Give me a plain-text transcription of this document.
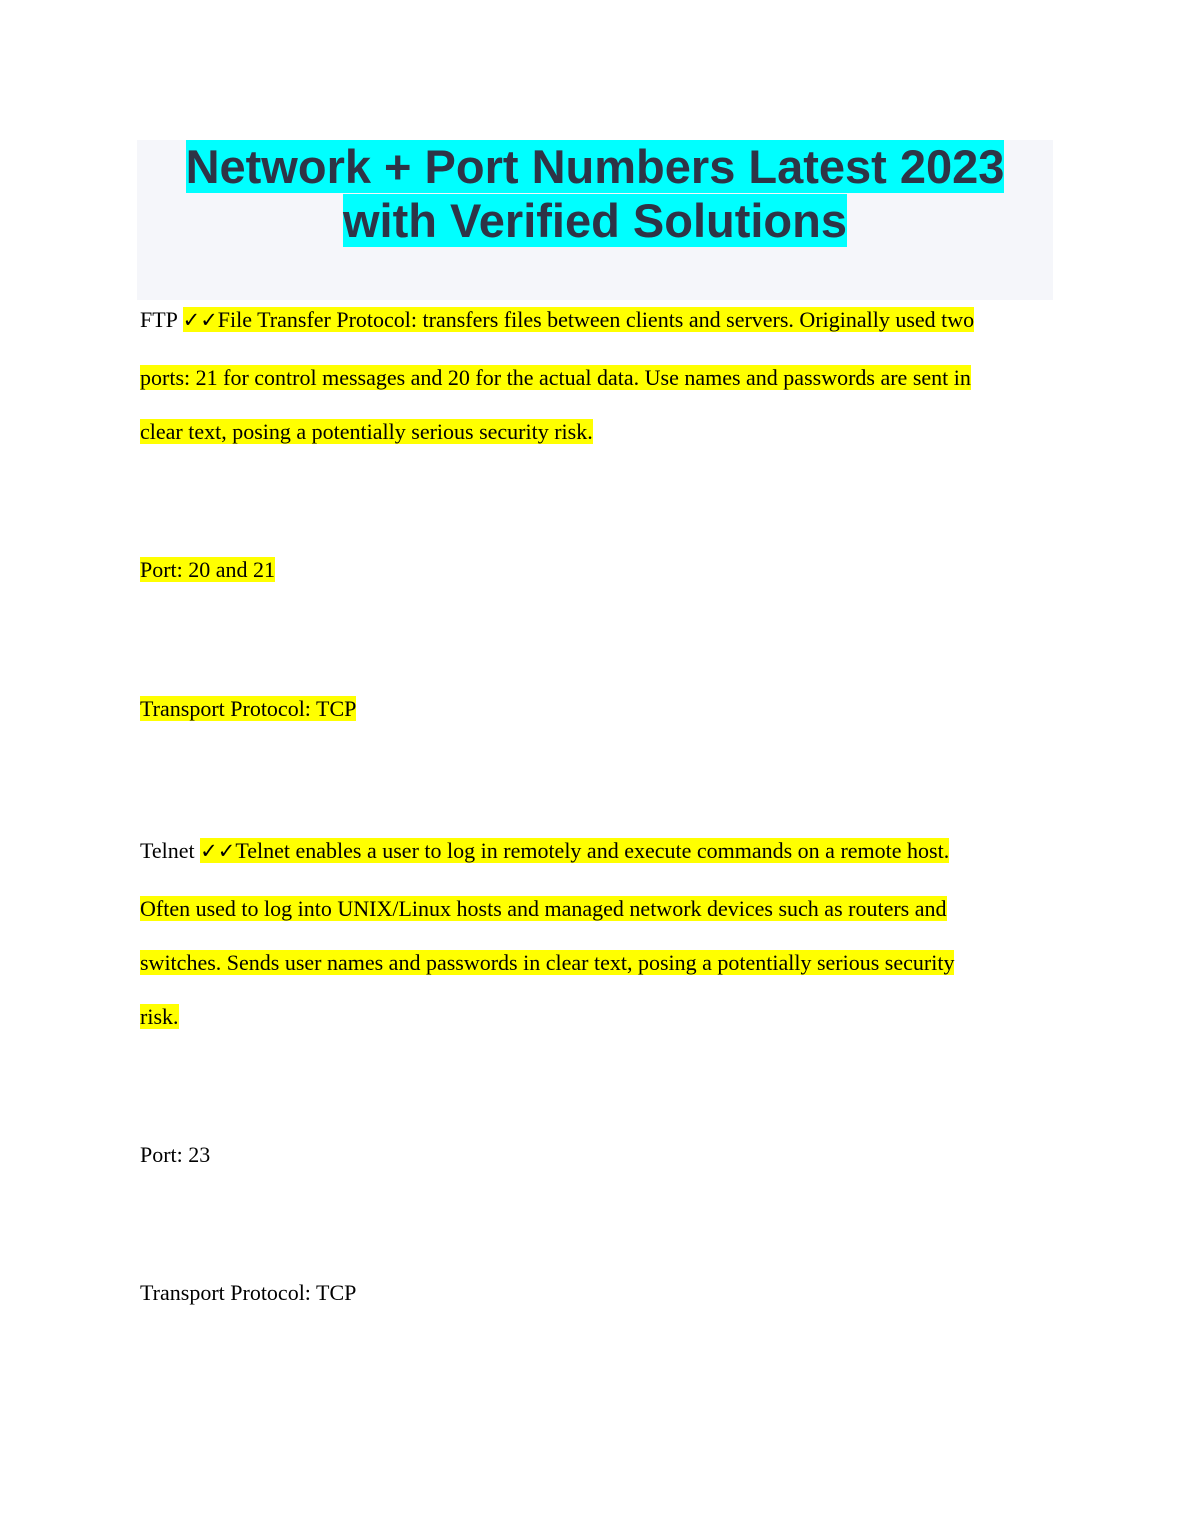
Network + Port Numbers Latest 2023
with Verified Solutions

FTP ✓✓File Transfer Protocol: transfers files between clients and servers. Originally used two

ports: 21 for control messages and 20 for the actual data. Use names and passwords are sent in

clear text, posing a potentially serious security risk.

Port: 20 and 21

Transport Protocol: TCP

Telnet ✓✓Telnet enables a user to log in remotely and execute commands on a remote host.

Often used to log into UNIX/Linux hosts and managed network devices such as routers and

switches. Sends user names and passwords in clear text, posing a potentially serious security

risk.

Port: 23

Transport Protocol: TCP
